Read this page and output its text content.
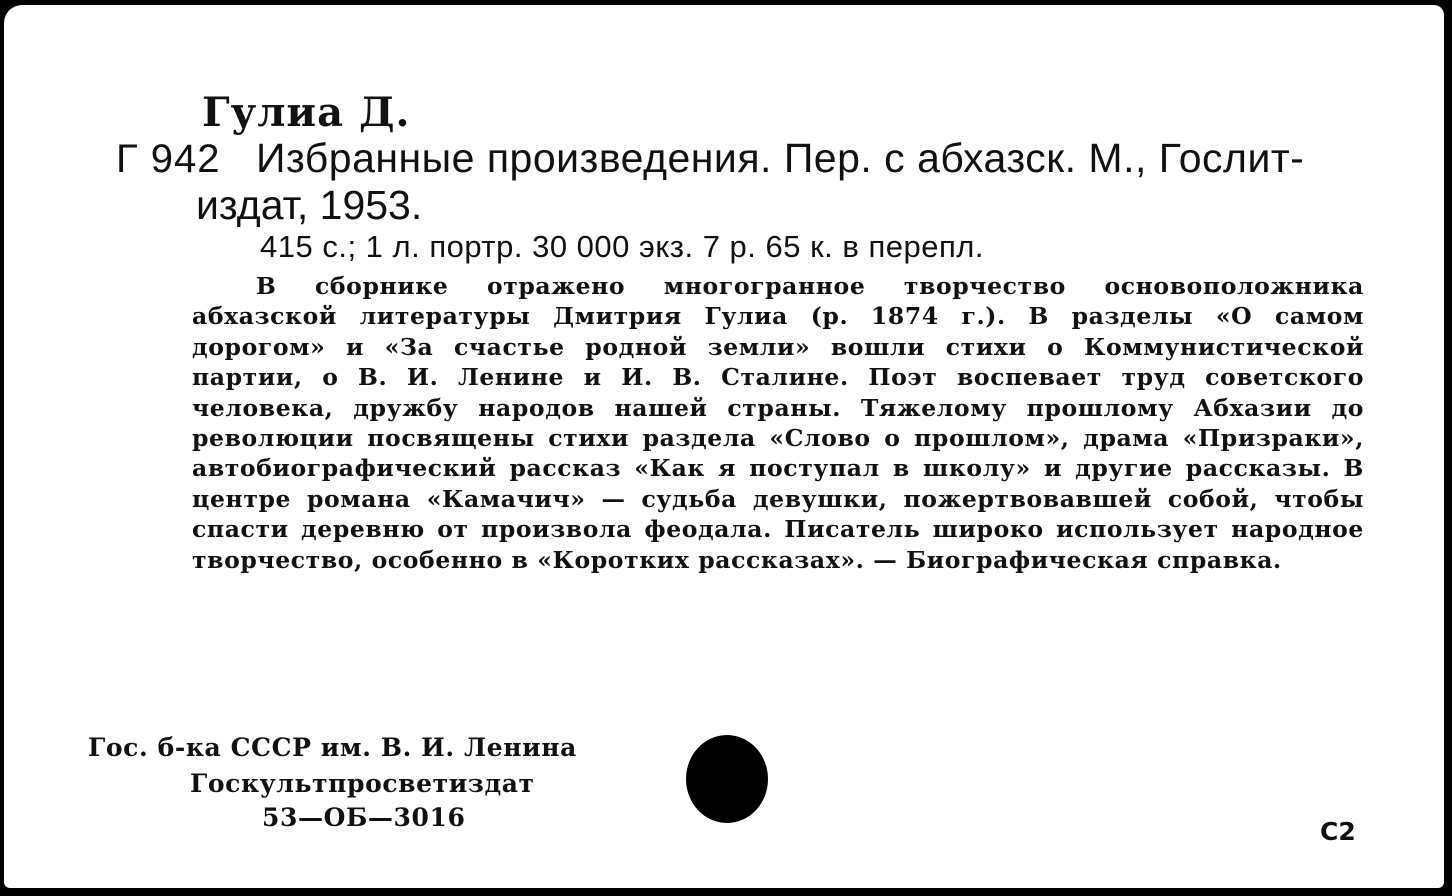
Гулиа Д.
Г 942 Избранные произведения. Пер. с абхазск. М., Гослит-
издат, 1953.
415 с.; 1 л. портр. 30 000 экз. 7 р. 65 к. в перепл.
В сборнике отражено многогранное творчество основоположника абхазской литературы Дмитрия Гулиа (р. 1874 г.). В разделы «О самом дорогом» и «За счастье родной земли» вошли стихи о Коммунистической партии, о В. И. Ленине и И. В. Сталине. Поэт воспевает труд советского человека, дружбу народов нашей страны. Тяжелому прошлому Абхазии до революции посвящены стихи раздела «Слово о прошлом», драма «Призраки», автобиографический рассказ «Как я поступал в школу» и другие рассказы. В центре романа «Камачич» — судьба девушки, пожертвовавшей собой, чтобы спасти деревню от произвола феодала. Писатель широко использует народное творчество, особенно в «Коротких рассказах». — Биографическая справка.
Гос. б-ка СССР им. В. И. Ленина
Госкультпросветиздат
53—ОБ—3016	С2
